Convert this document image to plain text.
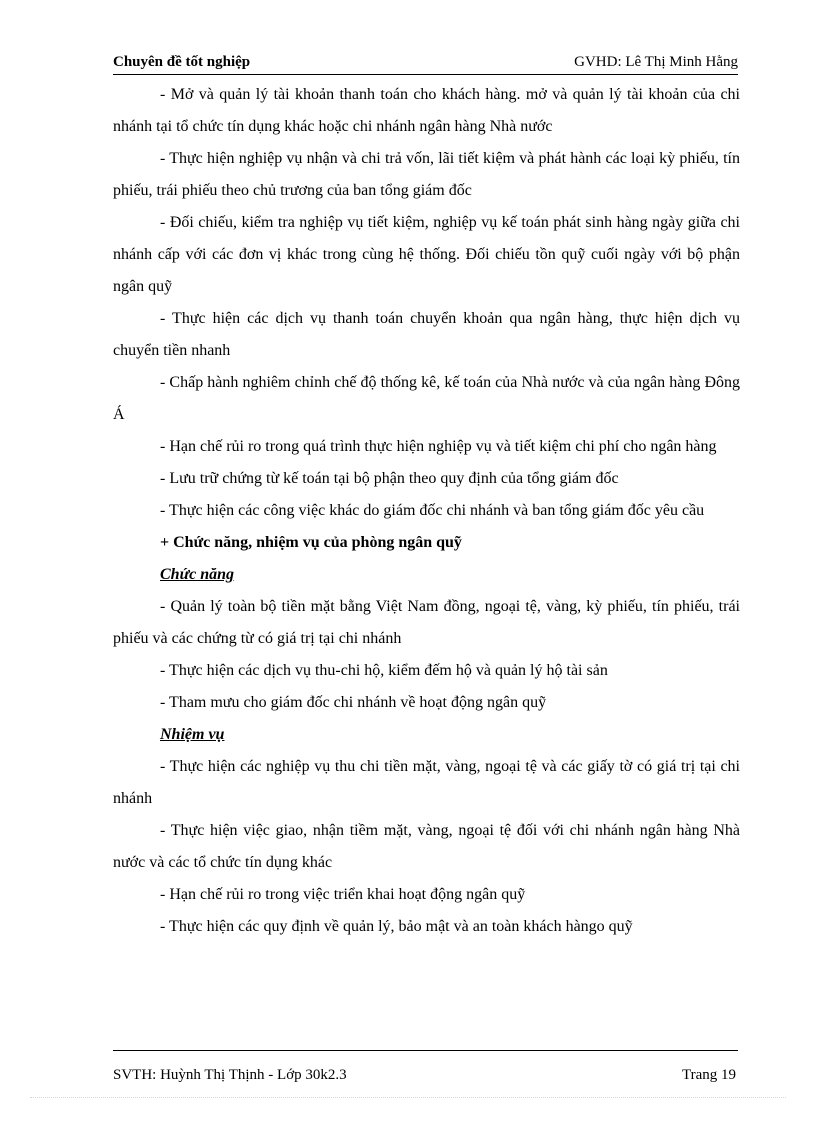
Chuyên đề tốt nghiệp	GVHD: Lê Thị Minh Hằng

- Mở và quản lý tài khoản thanh toán cho khách hàng. mở và quản lý tài khoản của chi nhánh tại tổ chức tín dụng khác hoặc chi nhánh ngân hàng Nhà nước

- Thực hiện nghiệp vụ nhận và chi trả vốn, lãi tiết kiệm và phát hành các loại kỳ phiếu, tín phiếu, trái phiếu theo chủ trương của ban tổng giám đốc

- Đối chiếu, kiểm tra nghiệp vụ tiết kiệm, nghiệp vụ kế toán phát sinh hàng ngày giữa chi nhánh cấp với các đơn vị khác trong cùng hệ thống. Đối chiếu tồn quỹ cuối ngày với bộ phận ngân quỹ

- Thực hiện các dịch vụ thanh toán chuyển khoản qua ngân hàng, thực hiện dịch vụ chuyển tiền nhanh

- Chấp hành nghiêm chỉnh chế độ thống kê, kế toán của Nhà nước và của ngân hàng Đông Á

- Hạn chế rủi ro trong quá trình thực hiện nghiệp vụ và tiết kiệm chi phí cho ngân hàng

- Lưu trữ chứng từ kế toán tại bộ phận theo quy định của tổng giám đốc

- Thực hiện các công việc khác do giám đốc chi nhánh và ban tổng giám đốc yêu cầu

+ Chức năng, nhiệm vụ của phòng ngân quỹ

Chức năng

- Quản lý toàn bộ tiền mặt bằng Việt Nam đồng, ngoại tệ, vàng, kỳ phiếu, tín phiếu, trái phiếu và các chứng từ có giá trị tại chi nhánh

- Thực hiện các dịch vụ thu-chi hộ, kiểm đếm hộ và quản lý hộ tài sản

- Tham mưu cho giám đốc chi nhánh về hoạt động ngân quỹ

Nhiệm vụ

- Thực hiện các nghiệp vụ thu chi tiền mặt, vàng, ngoại tệ và các giấy tờ có giá trị tại chi nhánh

- Thực hiện việc giao, nhận tiềm mặt, vàng, ngoại tệ đối với chi nhánh ngân hàng Nhà nước và các tổ chức tín dụng khác

- Hạn chế rủi ro trong việc triển khai hoạt động ngân quỹ

- Thực hiện các quy định về quản lý, bảo mật và an toàn khách hàngo quỹ

SVTH: Huỳnh Thị Thịnh - Lớp 30k2.3	Trang 19
